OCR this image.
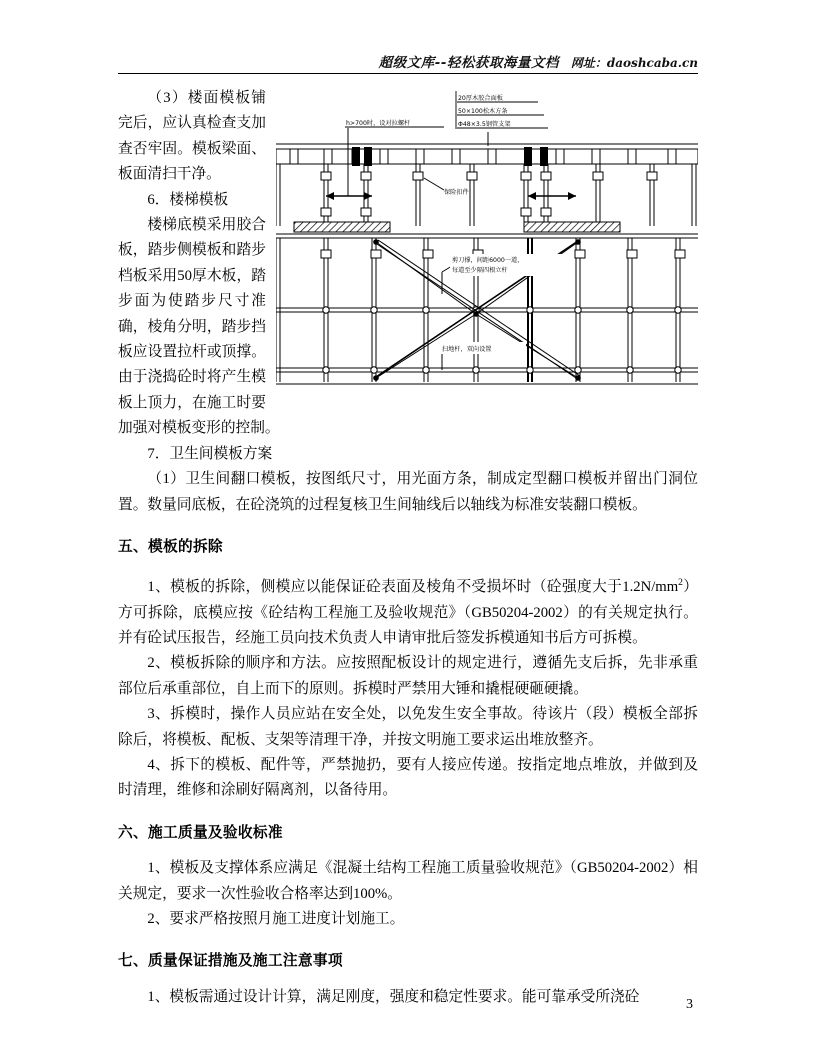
超级文库--轻松获取海量文档 网址：daoshcaba.cn
h>700时，设对拉螺杆
20厚木胶合面板
50×100松木方条
Φ48×3.5钢管支架
保险扣件
剪刀撑，间距6000一道，
每道至少隔四根立杆
扫地杆，双向设置

（3）楼面模板铺完后，应认真检查支加查否牢固。模板梁面、板面清扫干净。

6．楼梯模板

楼梯底模采用胶合板，踏步侧模板和踏步档板采用50厚木板，踏步面为使踏步尺寸准确，棱角分明，踏步挡板应设置拉杆或顶撑。由于浇捣砼时将产生模板上顶力，在施工时要加强对模板变形的控制。

7．卫生间模板方案

（1）卫生间翻口模板，按图纸尺寸，用光面方条，制成定型翻口模板并留出门洞位置。数量同底板，在砼浇筑的过程复核卫生间轴线后以轴线为标准安装翻口模板。

五、模板的拆除

1、模板的拆除，侧模应以能保证砼表面及棱角不受损坏时（砼强度大于$1.2N/mm^2$）方可拆除，底模应按《砼结构工程施工及验收规范》（GB50204-2002）的有关规定执行。并有砼试压报告，经施工员向技术负责人申请审批后签发拆模通知书后方可拆模。

2、模板拆除的顺序和方法。应按照配板设计的规定进行，遵循先支后拆，先非承重部位后承重部位，自上而下的原则。拆模时严禁用大锤和撬棍硬砸硬撬。

3、拆模时，操作人员应站在安全处，以免发生安全事故。待该片（段）模板全部拆除后，将模板、配板、支架等清理干净，并按文明施工要求运出堆放整齐。

4、拆下的模板、配件等，严禁抛扔，要有人接应传递。按指定地点堆放，并做到及时清理，维修和涂刷好隔离剂，以备待用。

六、施工质量及验收标准

1、模板及支撑体系应满足《混凝土结构工程施工质量验收规范》（GB50204-2002）相关规定，要求一次性验收合格率达到100%。

2、要求严格按照月施工进度计划施工。

七、质量保证措施及施工注意事项

1、模板需通过设计计算，满足刚度，强度和稳定性要求。能可靠承受所浇砼	3
